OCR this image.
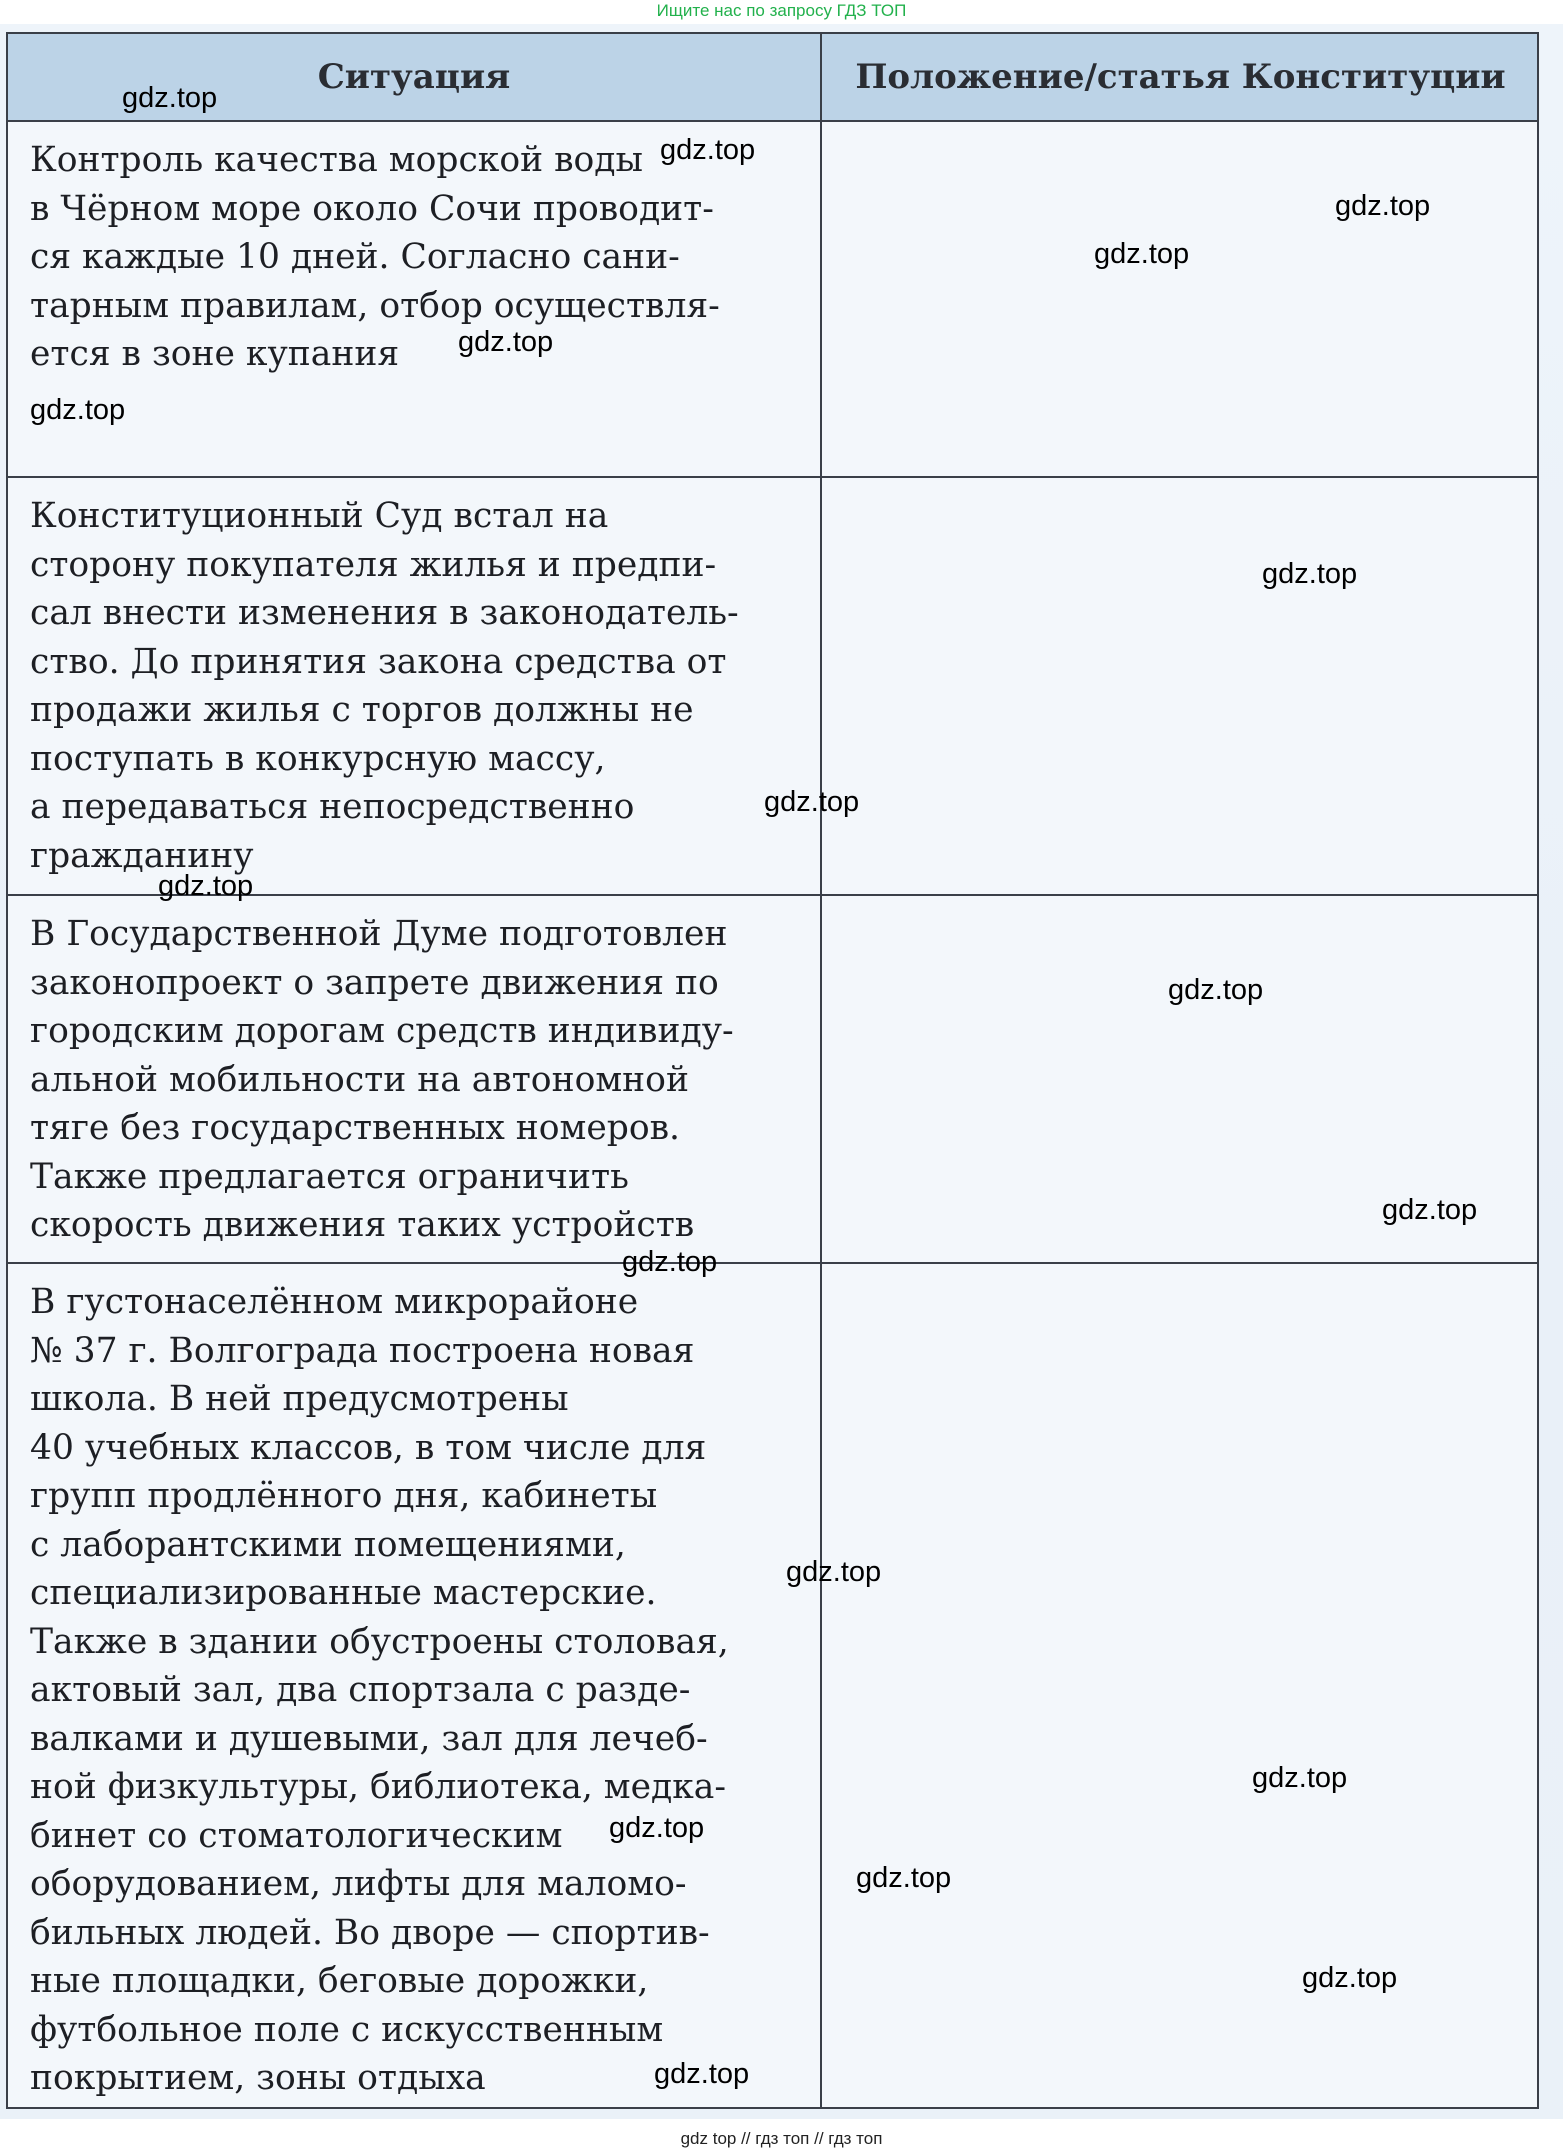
Ищите нас по запросу ГДЗ ТОП
Ситуация	Положение/статья Конституции
Контроль качества морской воды
в Чёрном море около Сочи проводит-
ся каждые 10 дней. Согласно сани-
тарным правилам, отбор осуществля-
ется в зоне купания
Конституционный Суд встал на
сторону покупателя жилья и предпи-
сал внести изменения в законодатель-
ство. До принятия закона средства от
продажи жилья с торгов должны не
поступать в конкурсную массу,
а передаваться непосредственно
гражданину
В Государственной Думе подготовлен
законопроект о запрете движения по
городским дорогам средств индивиду-
альной мобильности на автономной
тяге без государственных номеров.
Также предлагается ограничить
скорость движения таких устройств
В густонаселённом микрорайоне
№ 37 г. Волгограда построена новая
школа. В ней предусмотрены
40 учебных классов, в том числе для
групп продлённого дня, кабинеты
с лаборантскими помещениями,
специализированные мастерские.
Также в здании обустроены столовая,
актовый зал, два спортзала с разде-
валками и душевыми, зал для лечеб-
ной физкультуры, библиотека, медка-
бинет со стоматологическим
оборудованием, лифты для маломо-
бильных людей. Во дворе — спортив-
ные площадки, беговые дорожки,
футбольное поле с искусственным
покрытием, зоны отдыха
gdz.top
gdz.top
gdz.top
gdz.top
gdz.top
gdz.top
gdz.top
gdz.top
gdz.top
gdz.top
gdz.top
gdz.top
gdz.top
gdz.top
gdz.top
gdz.top
gdz.top
gdz.top
gdz top // гдз топ // гдз топ
